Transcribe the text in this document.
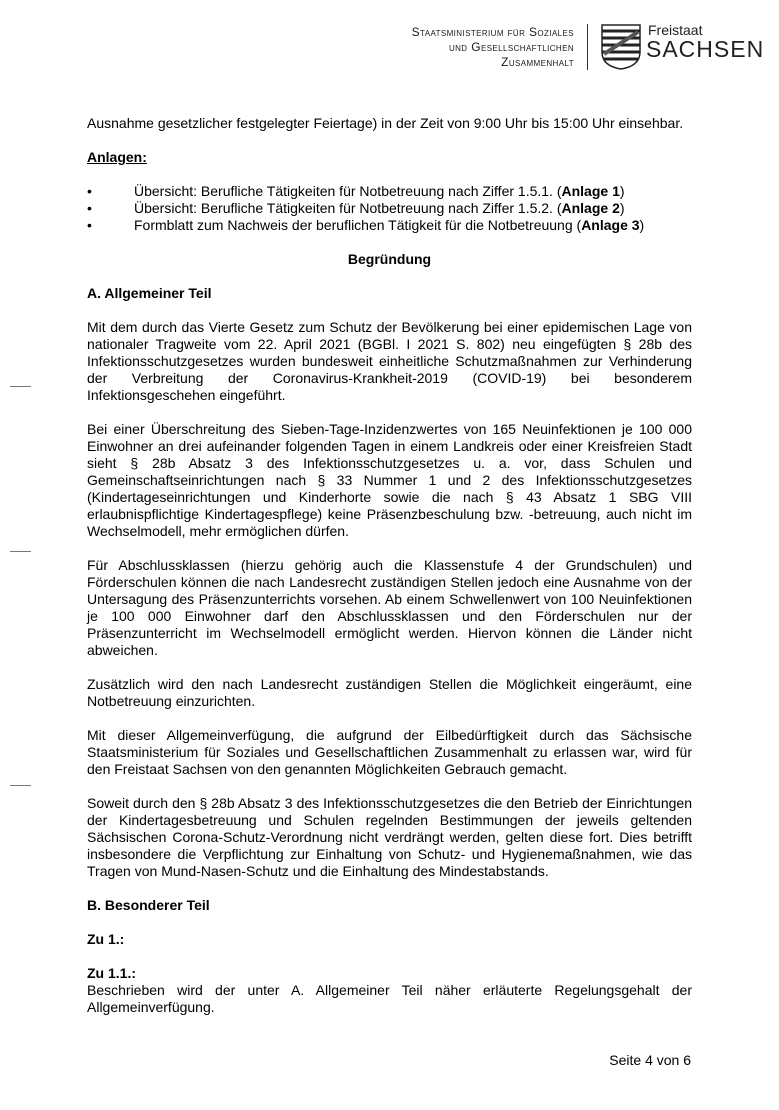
Staatsministerium für Soziales
und Gesellschaftlichen
Zusammenhalt
Freistaat
SACHSEN

Ausnahme gesetzlicher festgelegter Feiertage) in der Zeit von 9:00 Uhr bis 15:00 Uhr einsehbar.

Anlagen:
•	Übersicht: Berufliche Tätigkeiten für Notbetreuung nach Ziffer 1.5.1. (Anlage 1)
•	Übersicht: Berufliche Tätigkeiten für Notbetreuung nach Ziffer 1.5.2. (Anlage 2)
•	Formblatt zum Nachweis der beruflichen Tätigkeit für die Notbetreuung (Anlage 3)
Begründung
A. Allgemeiner Teil

Mit dem durch das Vierte Gesetz zum Schutz der Bevölkerung bei einer epidemischen Lage von nationaler Tragweite vom 22. April 2021 (BGBl. I 2021 S. 802) neu eingefügten § 28b des Infektionsschutzgesetzes wurden bundesweit einheitliche Schutzmaßnahmen zur Verhinderung der Verbreitung der Coronavirus-Krankheit-2019 (COVID-19) bei besonderem Infektionsgeschehen eingeführt.

Bei einer Überschreitung des Sieben-Tage-Inzidenzwertes von 165 Neuinfektionen je 100 000 Einwohner an drei aufeinander folgenden Tagen in einem Landkreis oder einer Kreisfreien Stadt sieht § 28b Absatz 3 des Infektionsschutzgesetzes u. a. vor, dass Schulen und Gemeinschaftseinrichtungen nach § 33 Nummer 1 und 2 des Infektionsschutzgesetzes (Kindertageseinrichtungen und Kinderhorte sowie die nach § 43 Absatz 1 SBG VIII erlaubnispflichtige Kindertagespflege) keine Präsenzbeschulung bzw. -betreuung, auch nicht im Wechselmodell, mehr ermöglichen dürfen.

Für Abschlussklassen (hierzu gehörig auch die Klassenstufe 4 der Grundschulen) und Förderschulen können die nach Landesrecht zuständigen Stellen jedoch eine Ausnahme von der Untersagung des Präsenzunterrichts vorsehen. Ab einem Schwellenwert von 100 Neuinfektionen je 100 000 Einwohner darf den Abschlussklassen und den Förderschulen nur der Präsenzunterricht im Wechselmodell ermöglicht werden. Hiervon können die Länder nicht abweichen.

Zusätzlich wird den nach Landesrecht zuständigen Stellen die Möglichkeit eingeräumt, eine Notbetreuung einzurichten.

Mit dieser Allgemeinverfügung, die aufgrund der Eilbedürftigkeit durch das Sächsische Staatsministerium für Soziales und Gesellschaftlichen Zusammenhalt zu erlassen war, wird für den Freistaat Sachsen von den genannten Möglichkeiten Gebrauch gemacht.

Soweit durch den § 28b Absatz 3 des Infektionsschutzgesetzes die den Betrieb der Einrichtungen der Kindertagesbetreuung und Schulen regelnden Bestimmungen der jeweils geltenden Sächsischen Corona-Schutz-Verordnung nicht verdrängt werden, gelten diese fort. Dies betrifft insbesondere die Verpflichtung zur Einhaltung von Schutz- und Hygienemaßnahmen, wie das Tragen von Mund-Nasen-Schutz und die Einhaltung des Mindestabstands.

B. Besonderer Teil
Zu 1.:
Zu 1.1.:

Beschrieben wird der unter A. Allgemeiner Teil näher erläuterte Regelungsgehalt der Allgemeinverfügung.

Seite 4 von 6
